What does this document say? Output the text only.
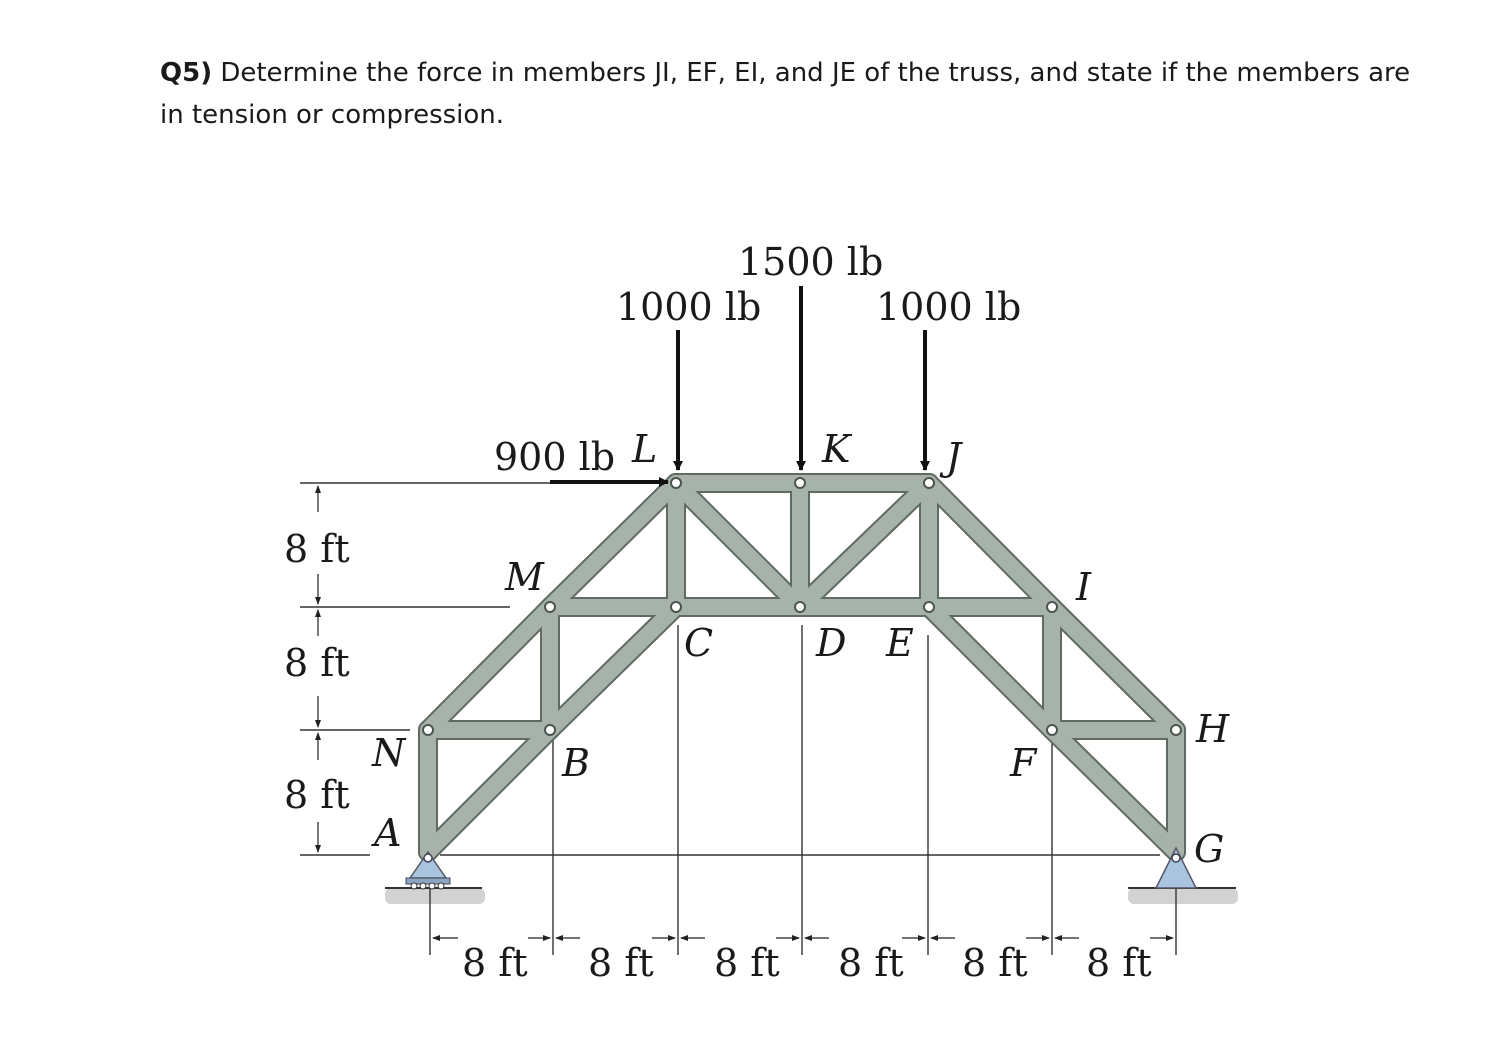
Q5) Determine the force in members JI, EF, EI, and JE of the truss, and state if the members are in tension or compression.
1500 lb
1000 lb	1000 lb
900 lb L	K	J
M	I
C	D E
H
N	B	F
A	G
8 ft
8 ft
8 ft
8 ft 8 ft 8 ft 8 ft 8 ft 8 ft
